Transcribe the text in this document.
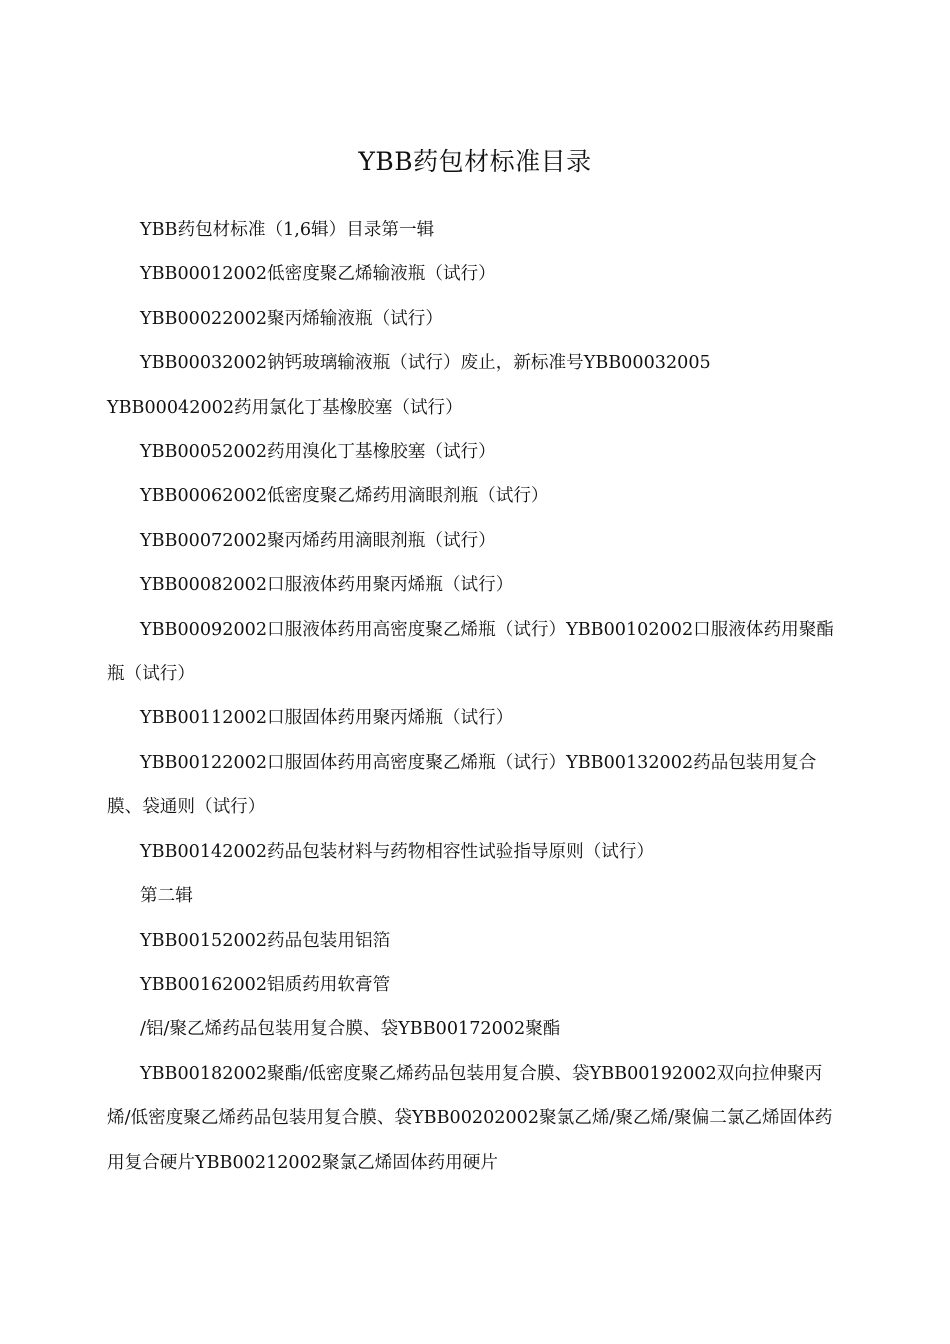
YBB药包材标准目录

YBB药包材标准（1,6辑）目录第一辑

YBB00012002低密度聚乙烯输液瓶（试行）

YBB00022002聚丙烯输液瓶（试行）

YBB00032002钠钙玻璃输液瓶（试行）废止，新标准号YBB00032005

YBB00042002药用氯化丁基橡胶塞（试行）

YBB00052002药用溴化丁基橡胶塞（试行）

YBB00062002低密度聚乙烯药用滴眼剂瓶（试行）

YBB00072002聚丙烯药用滴眼剂瓶（试行）

YBB00082002口服液体药用聚丙烯瓶（试行）

YBB00092002口服液体药用高密度聚乙烯瓶（试行）YBB00102002口服液体药用聚酯瓶（试行）

YBB00112002口服固体药用聚丙烯瓶（试行）

YBB00122002口服固体药用高密度聚乙烯瓶（试行）YBB00132002药品包装用复合膜、袋通则（试行）

YBB00142002药品包装材料与药物相容性试验指导原则（试行）

第二辑

YBB00152002药品包装用铝箔

YBB00162002铝质药用软膏管

/铝/聚乙烯药品包装用复合膜、袋YBB00172002聚酯

YBB00182002聚酯/低密度聚乙烯药品包装用复合膜、袋YBB00192002双向拉伸聚丙烯/低密度聚乙烯药品包装用复合膜、袋YBB00202002聚氯乙烯/聚乙烯/聚偏二氯乙烯固体药用复合硬片YBB00212002聚氯乙烯固体药用硬片
